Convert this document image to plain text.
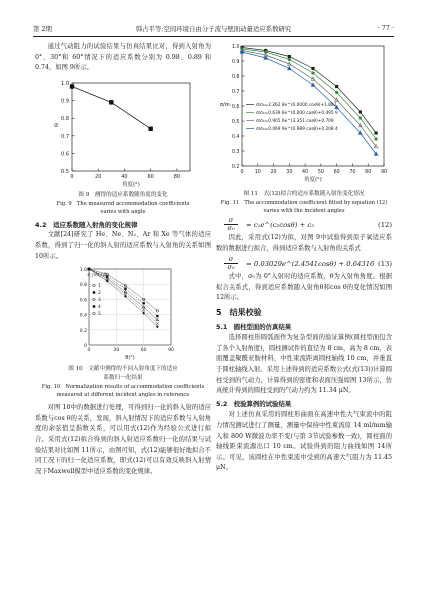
第 2期	韩占平等:空间环境自由分子流与壁面动量适应系数研究	· 77 ·

通过气动阻力的试验结果与仿真结果比对，得到入射角为 0°、30°和 60°情况下的适应系数分别为 0.98、0.89 和 0.74，如图 9所示。

1.0
0.9
0.8
0.7
0.6
0.5
0	20	40	60	80
σ
角度(°)
图 9　测得的适应系数随角度的变化
Fig. 9　The measured accommodation coefficients
varies with angle
4.2　适应系数随入射角的变化规律

文献[24]研究了 He、Ne、N₂、Ar 和 Xe 等气体的适应系数，得到了归一化的斜入射的适应系数与入射角的关系如图 10所示。

1.0
0.8
0.6
0.4
0.2
0
0	30	60	90
σ_n/σ_n0
θ(°)
1
2
3
4
5
图 10　文献中测得的不同入射角度下的适应
系数归一化结果
Fig. 10　Normalization results of accommodation coefficients
measured at different incident angles in reference

对图 10中的数据进行处理，可得到归一化的斜入射的适应系数与cos θ的关系，发现，斜入射情况下的适应系数与入射角度的余弦值呈指数关系，可以用式(12)作为经验公式进行拟合。采用式(12)拟合得到的斜入射适应系数归一化的结果与试验结果对比如图 11所示，由图可知，式(12)能够很好地拟合不同工况下的归一化适应系数，即式(12)可以有效反映斜入射情况下Maxwell模型中适应系数的变化规律。

1.0
0.9
0.8
0.7
0.6
0.5
0.4
0.3
0.2
0 10 20 30 40 50 60 70 80 90
σ/σ₀
角度(°)
σ/σ₀=2.262 8e^(0.0000 cosθ)+1.882
σ/σ₀=0.639 8e^(0.000 cosθ)+0.495 9
σ/σ₀=0.905 6e^(3.351 cosθ)+0.709
σ/σ₀=0.069 9e^(0.989 cosθ)+0.208 4
图 11　式(12)拟合的适应系数随入射角变化情况
Fig. 11　The accommodation coefficient fitted by equation (12)
varies with the incident angles
σ
σ₀	= c₁e^(c₂cosθ) + c₃	(12)

因此，采用式(12)为拟，对图 9中试验得到原子氧适应系数的数据进行拟合，得到适应系数与入射角的关系式

σ
σ₀	= 0.03029e^(2.4541cosθ) + 0.64316 (13)

式中，σ₀为 0°入射时的适应系数，θ为入射角角度。根据拟合关系式，得到适应系数随入射角θ和cos θ的变化情况如图 12所示。

5　结果校验
5.1　圆柱型面的仿真结果

选择圆柱形圆弧面作为复杂型面的验证算例(圆柱型面包含了各个入射角度)，圆柱测试件的直径为 8 cm，高为 8 cm，表面覆盖聚酰亚胺材料，中性束流距离圆柱轴线 10 cm，并垂直于圆柱轴线入射。采用上述得到的适应系数公式(式(13))计算圆柱受到的气动力，计算得到的密度和表面压强如图 13所示，仿真统计得到的圆柱受到的气动力约为 11.34 μN。

5.2　校验算例的试验结果

对上述仿真采用的圆柱形曲面在高速中性大气束流中的阻力情况测试进行了测量，测量中保持中性束流原 14 ml/mm输入和 800 W微波功率不变(与第 3节试验参数一致)，圆柱面的轴线距束流源出口 10 cm。试验得到的阻力曲线如图 14所示。可见，该圆柱在中性束流中受到的高速大气阻力为 11.45 μN。
